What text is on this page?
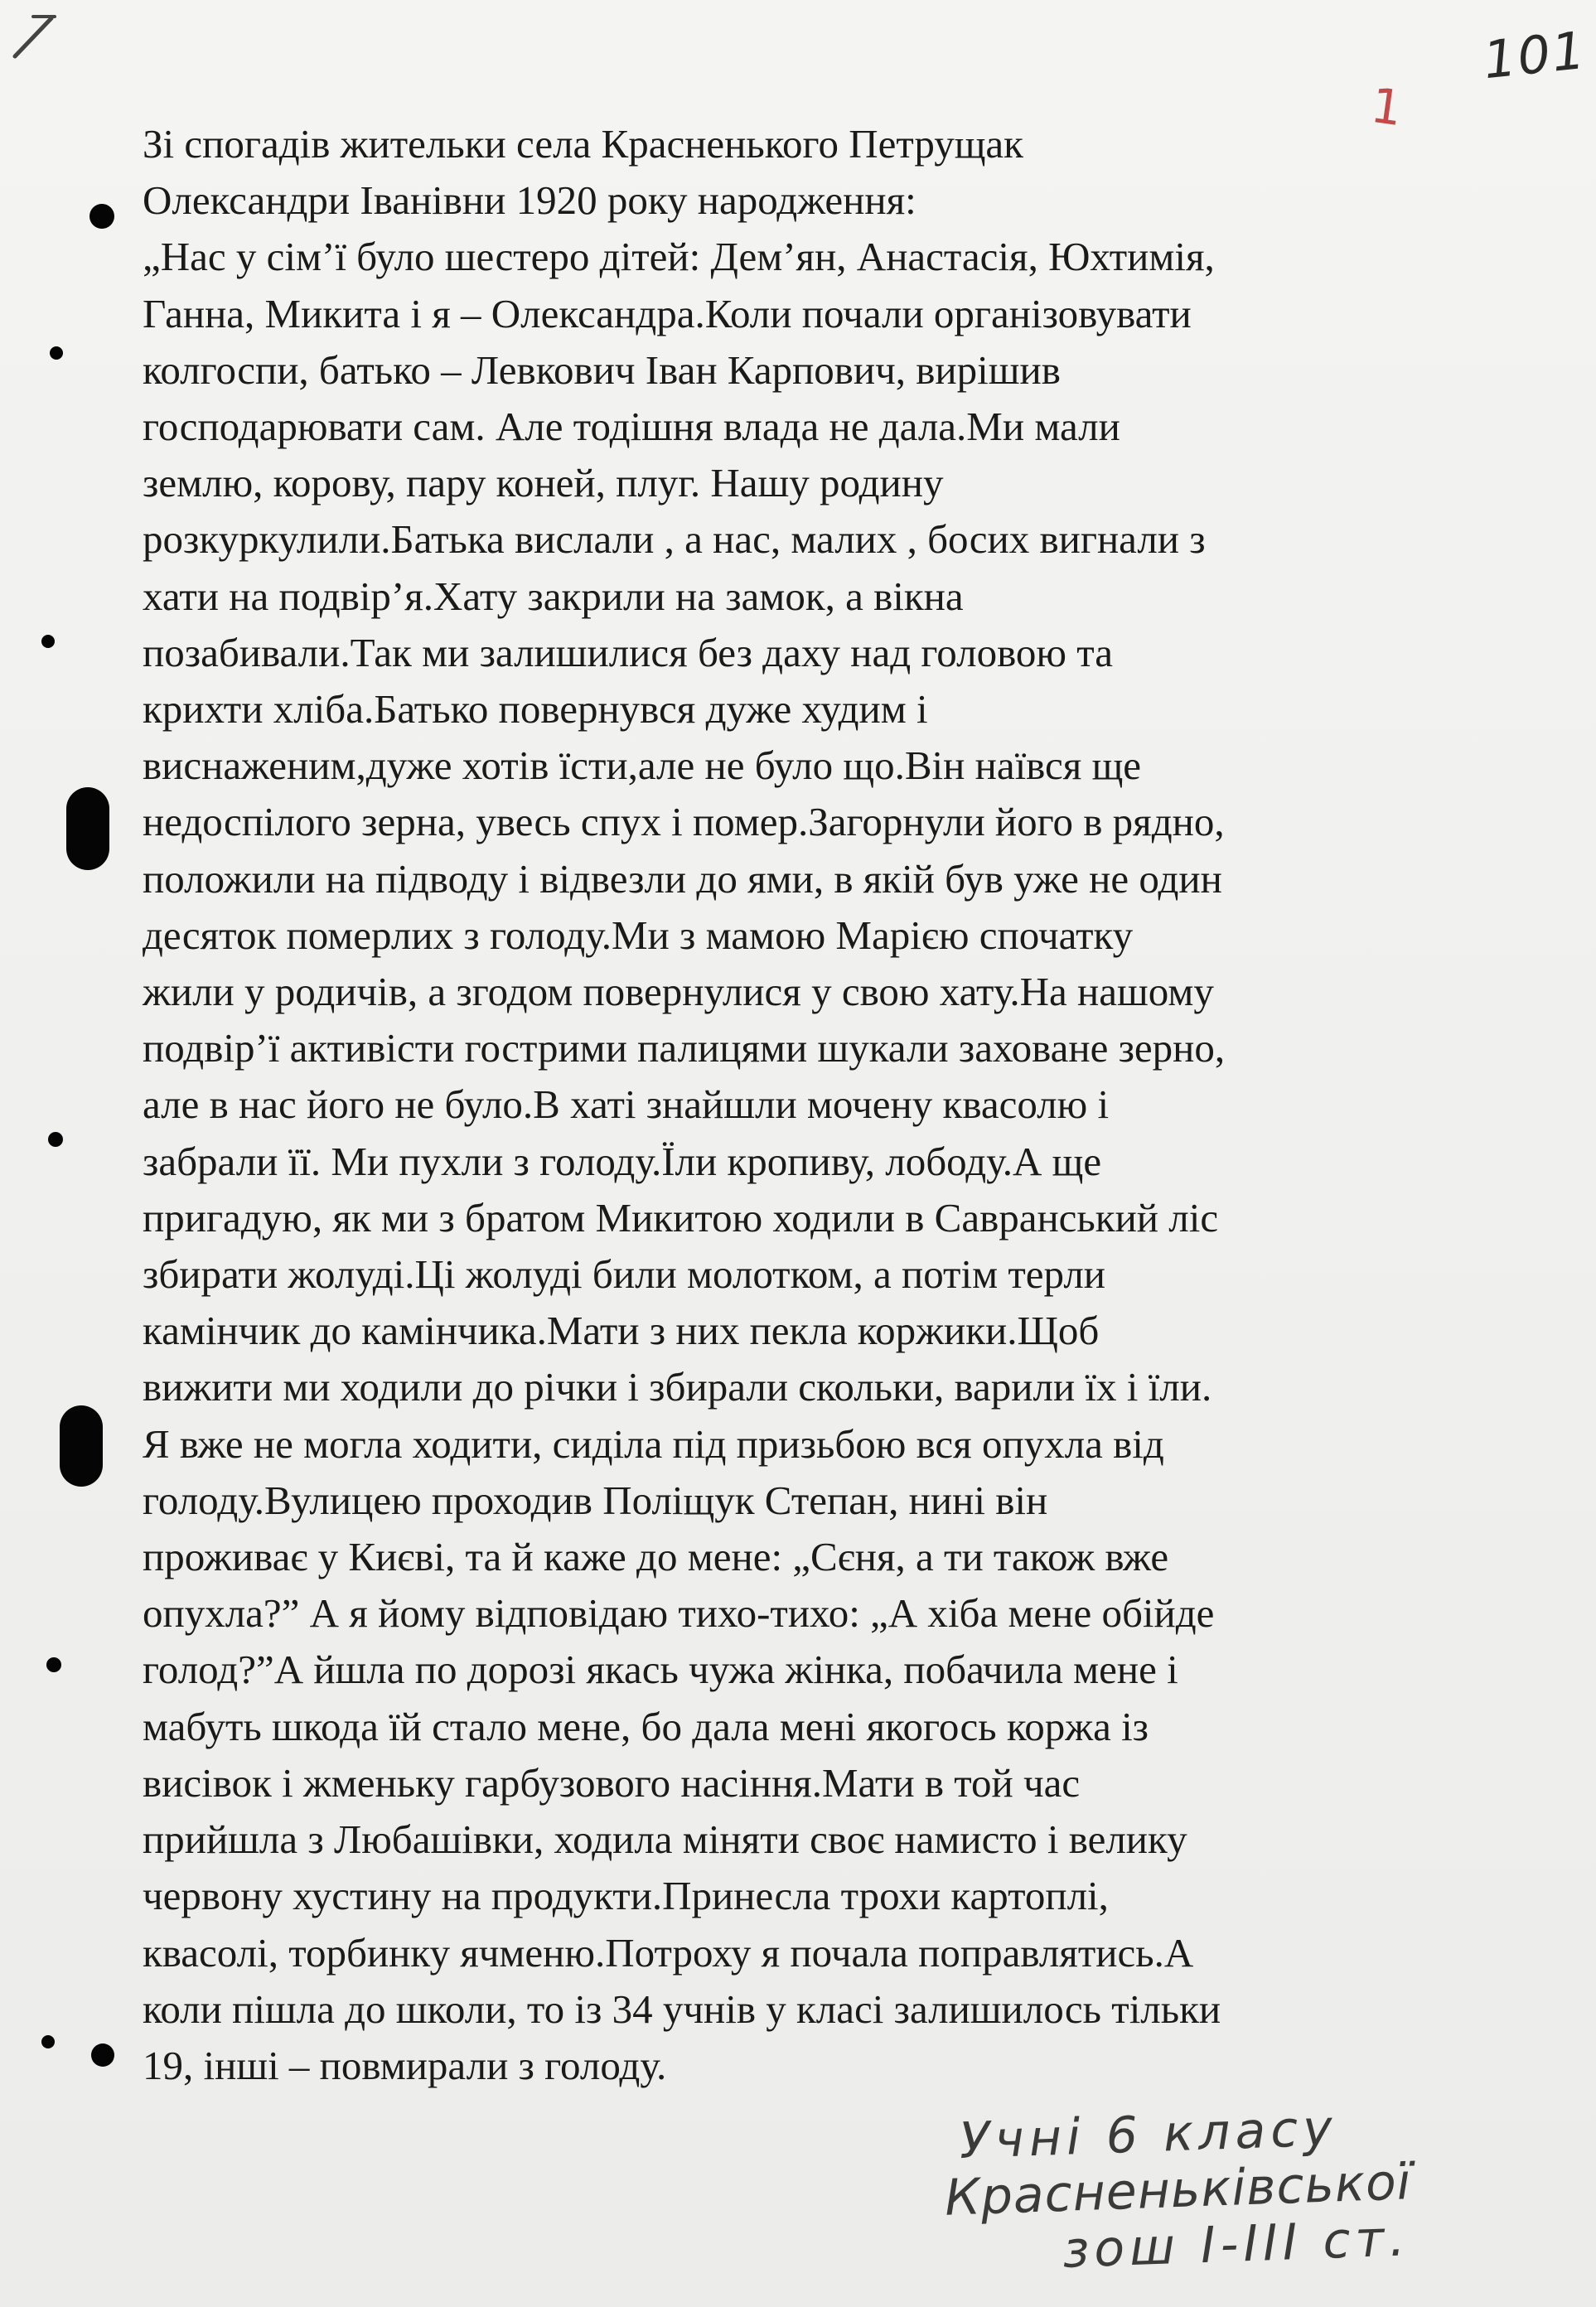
101
1
Зі спогадів жительки села Красненького Петрущак
Олександри Іванівни 1920 року народження:
„Нас у сім’ї було шестеро дітей: Дем’ян, Анастасія, Юхтимія,
Ганна, Микита і я – Олександра.Коли почали організовувати
колгоспи, батько – Левкович Іван Карпович, вирішив
господарювати сам. Але тодішня влада не дала.Ми мали
землю, корову, пару коней, плуг. Нашу родину
розкуркулили.Батька вислали , а нас, малих , босих вигнали з
хати на подвір’я.Хату закрили на замок, а вікна
позабивали.Так ми залишилися без даху над головою та
крихти хліба.Батько повернувся дуже худим і
виснаженим,дуже хотів їсти,але не було що.Він наївся ще
недоспілого зерна, увесь спух і помер.Загорнули його в рядно,
положили на підводу і відвезли до ями, в якій був уже не один
десяток померлих з голоду.Ми з мамою Марією спочатку
жили у родичів, а згодом повернулися у свою хату.На нашому
подвір’ї активісти гострими палицями шукали заховане зерно,
але в нас його не було.В хаті знайшли мочену квасолю і
забрали її. Ми пухли з голоду.Їли кропиву, лободу.А ще
пригадую, як ми з братом Микитою ходили в Савранський ліс
збирати жолуді.Ці жолуді били молотком, а потім терли
камінчик до камінчика.Мати з них пекла коржики.Щоб
вижити ми ходили до річки і збирали скольки, варили їх і їли.
Я вже не могла ходити, сиділа під призьбою вся опухла від
голоду.Вулицею проходив Поліщук Степан, нині він
проживає у Києві, та й каже до мене: „Сєня, а ти також вже
опухла?” А я йому відповідаю тихо-тихо: „А хіба мене обійде
голод?”А йшла по дорозі якась чужа жінка, побачила мене і
мабуть шкода їй стало мене, бо дала мені якогось коржа із
висівок і жменьку гарбузового насіння.Мати в той час
прийшла з Любашівки, ходила міняти своє намисто і велику
червону хустину на продукти.Принесла трохи картоплі,
квасолі, торбинку ячменю.Потроху я почала поправлятись.А
коли пішла до школи, то із 34 учнів у класі залишилось тільки
19, інші – повмирали з голоду.
Учні 6 класу
Красненьківської
зош І-ІІІ ст.
